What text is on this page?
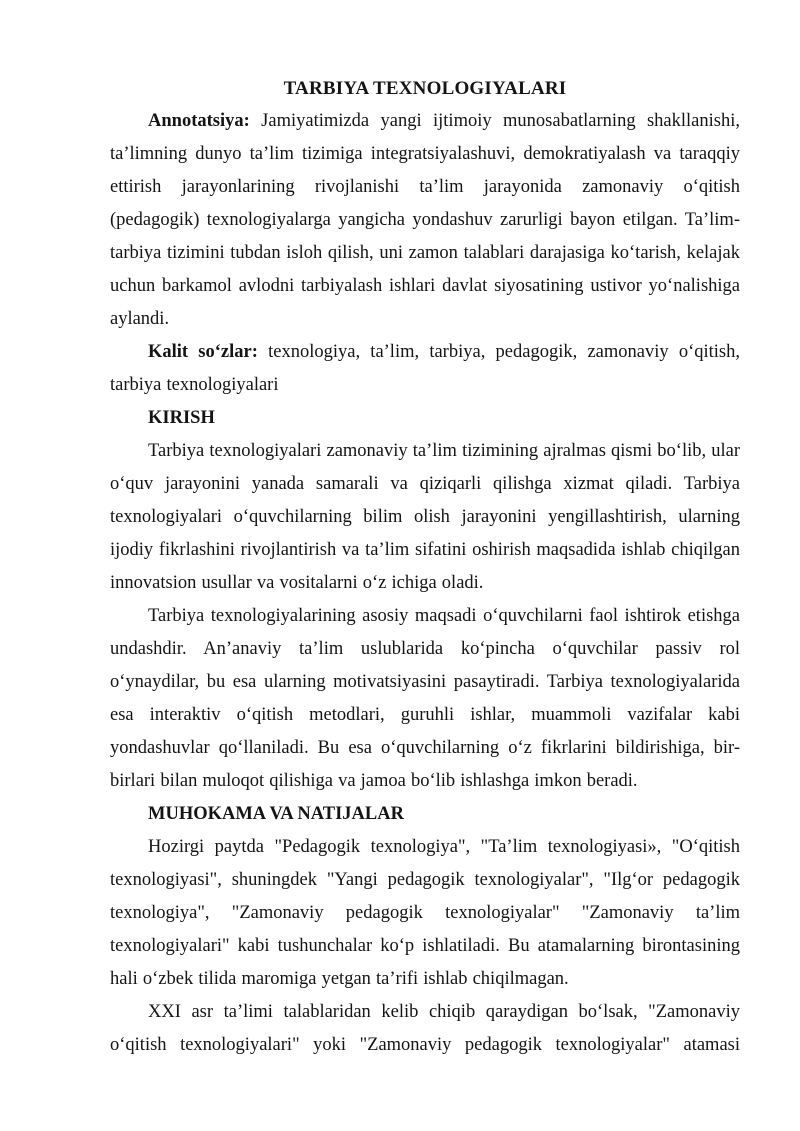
TARBIYA TEXNOLOGIYALARI

Annotatsiya: Jamiyatimizda yangi ijtimoiy munosabatlarning shakllanishi, ta’limning dunyo ta’lim tizimiga integratsiyalashuvi, demokratiyalash va taraqqiy ettirish jarayonlarining rivojlanishi ta’lim jarayonida zamonaviy o‘qitish (pedagogik) texnologiyalarga yangicha yondashuv zarurligi bayon etilgan. Ta’lim-tarbiya tizimini tubdan isloh qilish, uni zamon talablari darajasiga ko‘tarish, kelajak uchun barkamol avlodni tarbiyalash ishlari davlat siyosatining ustivor yo‘nalishiga aylandi.

Kalit so‘zlar: texnologiya, ta’lim, tarbiya, pedagogik, zamonaviy o‘qitish, tarbiya texnologiyalari

KIRISH

Tarbiya texnologiyalari zamonaviy ta’lim tizimining ajralmas qismi bo‘lib, ular o‘quv jarayonini yanada samarali va qiziqarli qilishga xizmat qiladi. Tarbiya texnologiyalari o‘quvchilarning bilim olish jarayonini yengillashtirish, ularning ijodiy fikrlashini rivojlantirish va ta’lim sifatini oshirish maqsadida ishlab chiqilgan innovatsion usullar va vositalarni o‘z ichiga oladi.

Tarbiya texnologiyalarining asosiy maqsadi o‘quvchilarni faol ishtirok etishga undashdir. An’anaviy ta’lim uslublarida ko‘pincha o‘quvchilar passiv rol o‘ynaydilar, bu esa ularning motivatsiyasini pasaytiradi. Tarbiya texnologiyalarida esa interaktiv o‘qitish metodlari, guruhli ishlar, muammoli vazifalar kabi yondashuvlar qo‘llaniladi. Bu esa o‘quvchilarning o‘z fikrlarini bildirishiga, bir-birlari bilan muloqot qilishiga va jamoa bo‘lib ishlashga imkon beradi.

MUHOKAMA VA NATIJALAR

Hozirgi paytda "Pedagogik texnologiya", "Ta’lim texnologiyasi», "O‘qitish texnologiyasi", shuningdek "Yangi pedagogik texnologiyalar", "Ilg‘or pedagogik texnologiya", "Zamonaviy pedagogik texnologiyalar" "Zamonaviy ta’lim texnologiyalari" kabi tushunchalar ko‘p ishlatiladi. Bu atamalarning birontasining hali o‘zbek tilida maromiga yetgan ta’rifi ishlab chiqilmagan.

XXI asr ta’limi talablaridan kelib chiqib qaraydigan bo‘lsak, "Zamonaviy o‘qitish texnologiyalari" yoki "Zamonaviy pedagogik texnologiyalar" atamasi
